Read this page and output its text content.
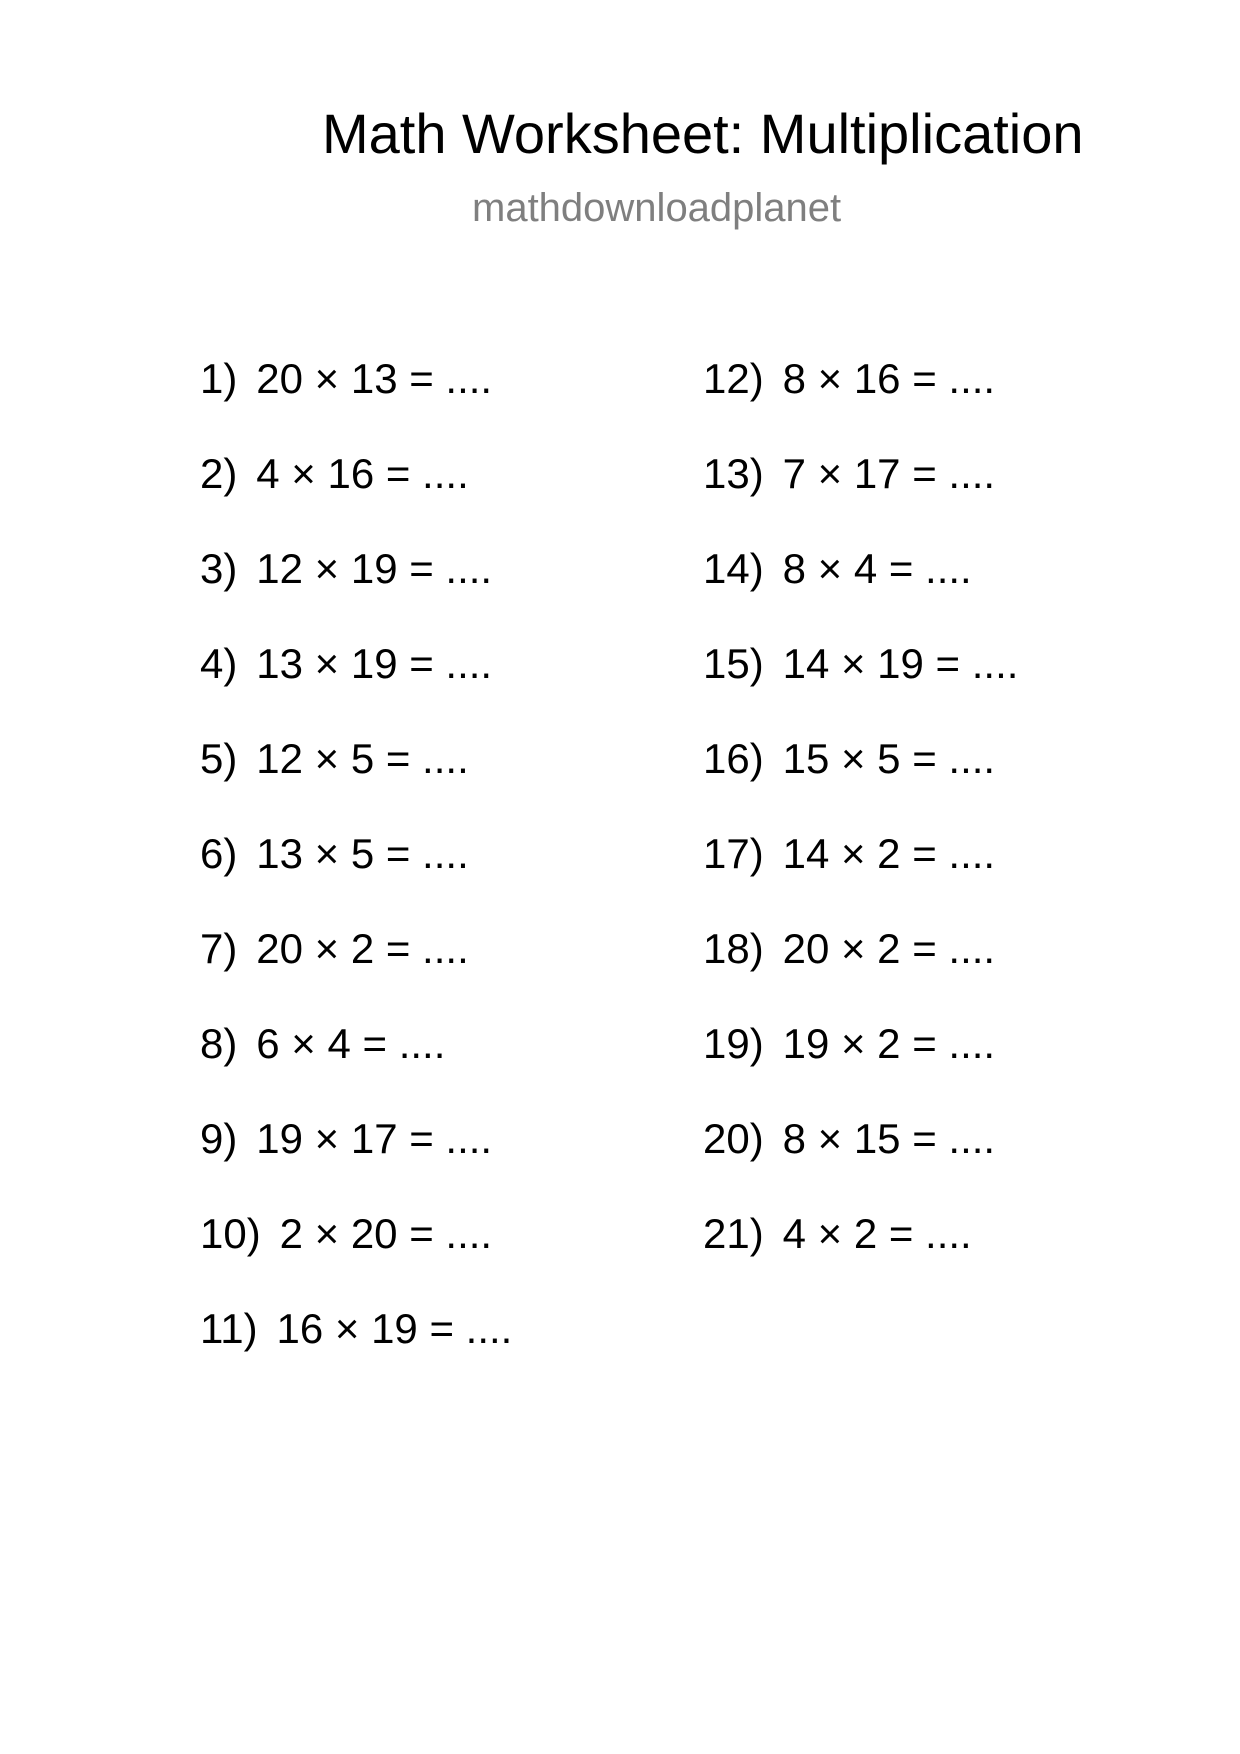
Math Worksheet: Multiplication
mathdownloadplanet
1) 20 × 13 = ....
2) 4 × 16 = ....
3) 12 × 19 = ....
4) 13 × 19 = ....
5) 12 × 5 = ....
6) 13 × 5 = ....
7) 20 × 2 = ....
8) 6 × 4 = ....
9) 19 × 17 = ....
10) 2 × 20 = ....
11) 16 × 19 = ....
12) 8 × 16 = ....
13) 7 × 17 = ....
14) 8 × 4 = ....
15) 14 × 19 = ....
16) 15 × 5 = ....
17) 14 × 2 = ....
18) 20 × 2 = ....
19) 19 × 2 = ....
20) 8 × 15 = ....
21) 4 × 2 = ....
